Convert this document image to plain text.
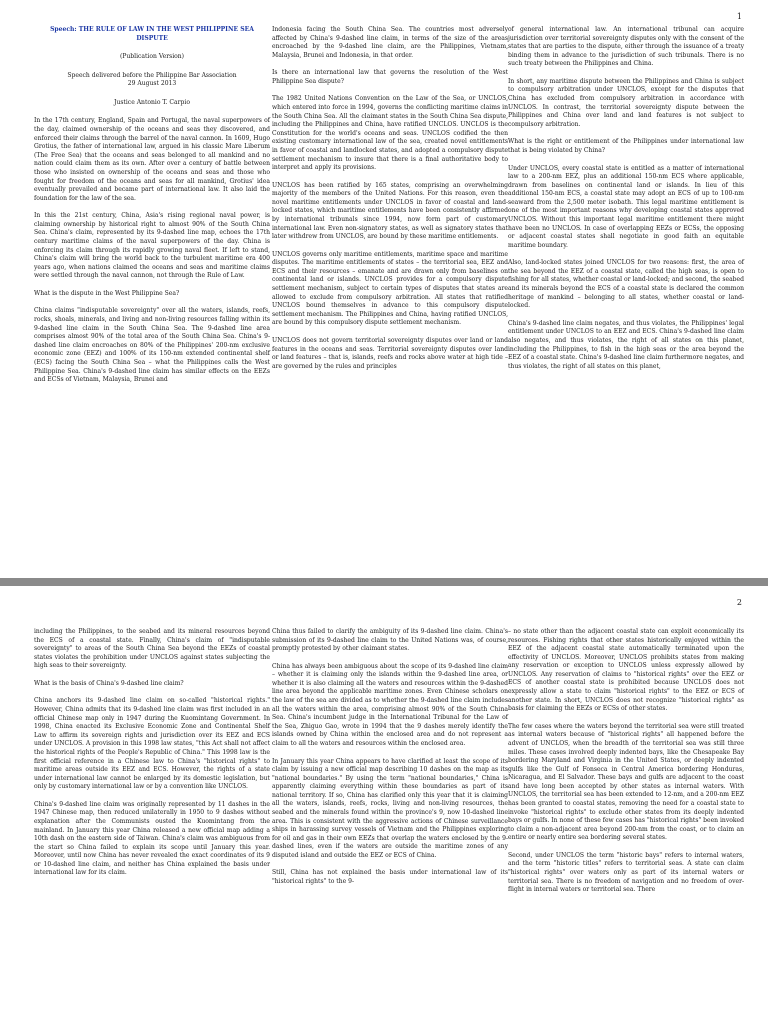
1
Speech: THE RULE OF LAW IN THE WEST PHILIPPINE SEA DISPUTE

(Publication Version)

Speech delivered before the Philippine Bar Association

29 August 2013

Justice Antonio T. Carpio

In the 17th century, England, Spain and Portugal, the naval superpowers of the day, claimed ownership of the oceans and seas they discovered, and enforced their claims through the barrel of the naval cannon. In 1609, Hugo Grotius, the father of international law, argued in his classic Mare Liberum (The Free Sea) that the oceans and seas belonged to all mankind and no nation could claim them as its own. After over a century of battle between those who insisted on ownership of the oceans and seas and those who fought for freedom of the oceans and seas for all mankind, Grotius' idea eventually prevailed and became part of international law. It also laid the foundation for the law of the sea.

In this the 21st century, China, Asia's rising regional naval power, is claiming ownership by historical right to almost 90% of the South China Sea. China's claim, represented by its 9-dashed line map, echoes the 17th century maritime claims of the naval superpowers of the day. China is enforcing its claim through its rapidly growing naval fleet. If left to stand, China's claim will bring the world back to the turbulent maritime era 400 years ago, when nations claimed the oceans and seas and maritime claims were settled through the naval cannon, not through the Rule of Law.

What is the dispute in the West Philippine Sea?

China claims "indisputable sovereignty" over all the waters, islands, reefs, rocks, shoals, minerals, and living and non-living resources falling within its 9-dashed line claim in the South China Sea. The 9-dashed line area comprises almost 90% of the total area of the South China Sea. China's 9-dashed line claim encroaches on 80% of the Philippines' 200-nm exclusive economic zone (EEZ) and 100% of its 150-nm extended continental shelf (ECS) facing the South China Sea – what the Philippines calls the West Philippine Sea. China's 9-dashed line claim has similar effects on the EEZs and ECSs of Vietnam, Malaysia, Brunei and

Indonesia facing the South China Sea. The countries most adversely affected by China's 9-dashed line claim, in terms of the size of the areas encroached by the 9-dashed line claim, are the Philippines, Vietnam, Malaysia, Brunei and Indonesia, in that order.

Is there an international law that governs the resolution of the West Philippine Sea dispute?

The 1982 United Nations Convention on the Law of the Sea, or UNCLOS, which entered into force in 1994, governs the conflicting maritime claims in the South China Sea. All the claimant states in the South China Sea dispute, including the Philippines and China, have ratified UNCLOS. UNCLOS is the Constitution for the world's oceans and seas. UNCLOS codified the then existing customary international law of the sea, created novel entitlements in favor of coastal and landlocked states, and adopted a compulsory dispute settlement mechanism to insure that there is a final authoritative body to interpret and apply its provisions.

UNCLOS has been ratified by 165 states, comprising an overwhelming majority of the members of the United Nations. For this reason, even the novel maritime entitlements under UNCLOS in favor of coastal and land-locked states, which maritime entitlements have been consistently affirmed by international tribunals since 1994, now form part of customary international law. Even non-signatory states, as well as signatory states that later withdrew from UNCLOS, are bound by these maritime entitlements.

UNCLOS governs only maritime entitlements, maritime space and maritime disputes. The maritime entitlements of states – the territorial sea, EEZ and ECS and their resources – emanate and are drawn only from baselines on continental land or islands. UNCLOS provides for a compulsory dispute settlement mechanism, subject to certain types of disputes that states are allowed to exclude from compulsory arbitration. All states that ratified UNCLOS bound themselves in advance to this compulsory dispute settlement mechanism. The Philippines and China, having ratified UNCLOS, are bound by this compulsory dispute settlement mechanism.

UNCLOS does not govern territorial sovereignty disputes over land or land features in the oceans and seas. Territorial sovereignty disputes over land or land features – that is, islands, reefs and rocks above water at high tide – are governed by the rules and principles

of general international law. An international tribunal can acquire jurisdiction over territorial sovereignty disputes only with the consent of the states that are parties to the dispute, either through the issuance of a treaty binding them in advance to the jurisdiction of such tribunals. There is no such treaty between the Philippines and China.

In short, any maritime dispute between the Philippines and China is subject to compulsory arbitration under UNCLOS, except for the disputes that China has excluded from compulsory arbitration in accordance with UNCLOS. In contrast, the territorial sovereignty dispute between the Philippines and China over land and land features is not subject to compulsory arbitration.

What is the right or entitlement of the Philippines under international law that is being violated by China?

Under UNCLOS, every coastal state is entitled as a matter of international law to a 200-nm EEZ, plus an additional 150-nm ECS where applicable, drawn from baselines on continental land or islands. In lieu of this additional 150-nm ECS, a coastal state may adopt an ECS of up to 100-nm seaward from the 2,500 meter isobath. This legal maritime entitlement is one of the most important reasons why developing coastal states approved UNCLOS. Without this important legal maritime entitlement there might have been no UNCLOS. In case of overlapping EEZs or ECSs, the opposing or adjacent coastal states shall negotiate in good faith an equitable maritime boundary.

Also, land-locked states joined UNCLOS for two reasons: first, the area of the sea beyond the EEZ of a coastal state, called the high seas, is open to fishing for all states, whether coastal or land-locked; and second, the seabed and its minerals beyond the ECS of a coastal state is declared the common heritage of mankind – belonging to all states, whether coastal or land-locked.

China's 9-dashed line claim negates, and thus violates, the Philippines' legal entitlement under UNCLOS to an EEZ and ECS. China's 9-dashed line claim also negates, and thus violates, the right of all states on this planet, including the Philippines, to fish in the high seas or the area beyond the EEZ of a coastal state. China's 9-dashed line claim furthermore negates, and thus violates, the right of all states on this planet,

2

including the Philippines, to the seabed and its mineral resources beyond the ECS of a coastal state. Finally, China's claim of "indisputable sovereignty" to areas of the South China Sea beyond the EEZs of coastal states violates the prohibition under UNCLOS against states subjecting the high seas to their sovereignty.

What is the basis of China's 9-dashed line claim?

China anchors its 9-dashed line claim on so-called "historical rights." However, China admits that its 9-dashed line claim was first included in an official Chinese map only in 1947 during the Kuomintang Government. In 1998, China enacted its Exclusive Economic Zone and Continental Shelf Law to affirm its sovereign rights and jurisdiction over its EEZ and ECS under UNCLOS. A provision in this 1998 law states, "this Act shall not affect the historical rights of the People's Republic of China." This 1998 law is the first official reference in a Chinese law to China's "historical rights" to maritime areas outside its EEZ and ECS. However, the rights of a state under international law cannot be enlarged by its domestic legislation, but only by customary international law or by a convention like UNCLOS.

China's 9-dashed line claim was originally represented by 11 dashes in the 1947 Chinese map, then reduced unilaterally in 1950 to 9 dashes without explanation after the Communists ousted the Kuomintang from the mainland. In January this year China released a new official map adding a 10th dash on the eastern side of Taiwan. China's claim was ambiguous from the start so China failed to explain its scope until January this year. Moreover, until now China has never revealed the exact coordinates of its 9 or 10-dashed line claim, and neither has China explained the basis under international law for its claim.

China thus failed to clarify the ambiguity of its 9-dashed line claim. China's submission of its 9-dashed line claim to the United Nations was, of course, promptly protested by other claimant states.

China has always been ambiguous about the scope of its 9-dashed line claim – whether it is claiming only the islands within the 9-dashed line area, or whether it is also claiming all the waters and resources within the 9-dashed line area beyond the applicable maritime zones. Even Chinese scholars on the law of the sea are divided as to whether the 9-dashed line claim includes all the waters within the area, comprising almost 90% of the South China Sea. China's incumbent judge in the International Tribunal for the Law of the Sea, Zhiguo Gao, wrote in 1994 that the 9 dashes merely identify the islands owned by China within the enclosed area and do not represent a claim to all the waters and resources within the enclosed area.

In January this year China appears to have clarified at least the scope of its claim by issuing a new official map describing 10 dashes on the map as its "national boundaries." By using the term "national boundaries," China is apparently claiming everything within these boundaries as part of its national territory. If so, China has clarified only this year that it is claiming all the waters, islands, reefs, rocks, living and non-living resources, the seabed and the minerals found within the province's 9, now 10-dashed line area. This is consistent with the aggressive actions of Chinese surveillance ships in harassing survey vessels of Vietnam and the Philippines exploring for oil and gas in their own EEZs that overlap the waters enclosed by the 9-dashed lines, even if the waters are outside the maritime zones of any disputed island and outside the EEZ or ECS of China.

Still, China has not explained the basis under international law of its "historical rights" to the 9-

– no state other than the adjacent coastal state can exploit economically its resources. Fishing rights that other states historically enjoyed within the EEZ of the adjacent coastal state automatically terminated upon the effectivity of UNCLOS. Moreover, UNCLOS prohibits states from making any reservation or exception to UNCLOS unless expressly allowed by UNCLOS. Any reservation of claims to "historical rights" over the EEZ or ECS of another coastal state is prohibited because UNCLOS does not expressly allow a state to claim "historical rights" to the EEZ or ECS of another state. In short, UNCLOS does not recognize "historical rights" as basis for claiming the EEZs or ECSs of other states.

The few cases where the waters beyond the territorial sea were still treated as internal waters because of "historical rights" all happened before the advent of UNCLOS, when the breadth of the territorial sea was still three miles. These cases involved deeply indented bays, like the Chesapeake Bay bordering Maryland and Virginia in the United States, or deeply indented gulfs like the Gulf of Fonseca in Central America bordering Honduras, Nicaragua, and El Salvador. These bays and gulfs are adjacent to the coast and have long been accepted by other states as internal waters. With UNCLOS, the territorial sea has been extended to 12-nm, and a 200-nm EEZ has been granted to coastal states, removing the need for a coastal state to invoke "historical rights" to exclude other states from its deeply indented bays or gulfs. In none of these few cases has "historical rights" been invoked to claim a non-adjacent area beyond 200-nm from the coast, or to claim an entire or nearly entire sea bordering several states.

Second, under UNCLOS the term "historic bays" refers to internal waters, and the term "historic titles" refers to territorial seas. A state can claim "historical rights" over waters only as part of its internal waters or territorial sea. There is no freedom of navigation and no freedom of over-flight in internal waters or territorial sea. There
